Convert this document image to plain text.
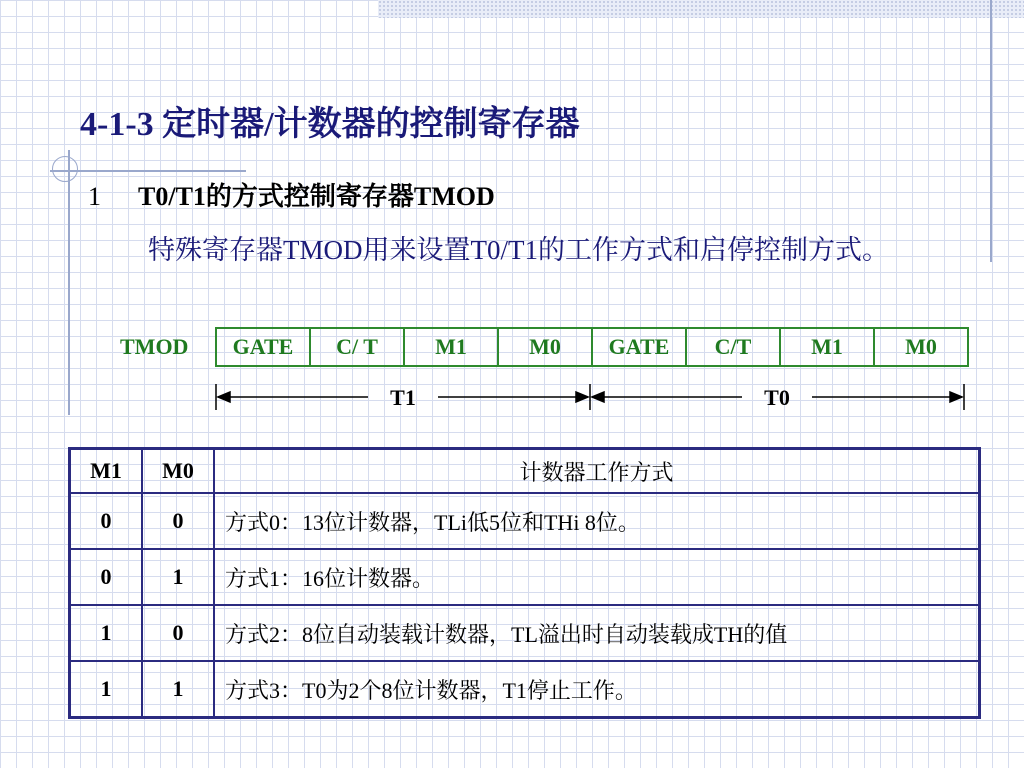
4-1-3 定时器/计数器的控制寄存器
1 T0/T1的方式控制寄存器TMOD
特殊寄存器TMOD用来设置T0/T1的工作方式和启停控制方式。
TMOD	GATE	C/ T	M1	M0	GATE	C/T	M1	M0
T1	T0
M1	M0	计数器工作方式
0	0	方式0：13位计数器，TLi低5位和THi 8位。
0	1	方式1：16位计数器。
1	0	方式2：8位自动装载计数器，TL溢出时自动装载成TH的值
1	1	方式3：T0为2个8位计数器，T1停止工作。
